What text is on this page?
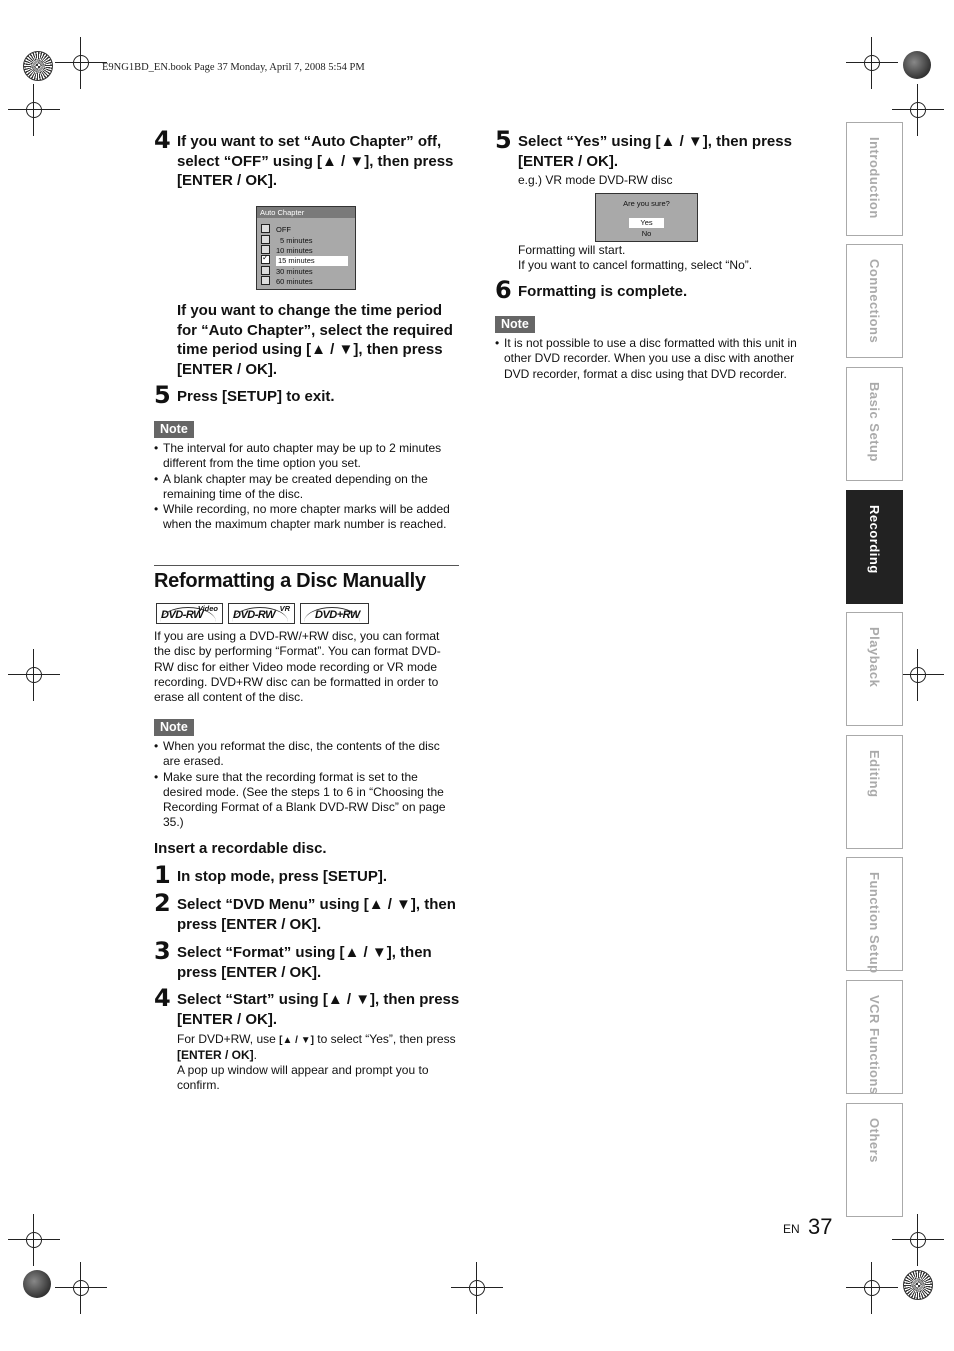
E9NG1BD_EN.book Page 37 Monday, April 7, 2008 5:54 PM
4 If you want to set “Auto Chapter” off, select “OFF” using [▲ / ▼], then press [ENTER / OK].
Auto Chapter
OFF
5 minutes
10 minutes
✓ 15 minutes
30 minutes
60 minutes
If you want to change the time period for “Auto Chapter”, select the required time period using [▲ / ▼], then press [ENTER / OK].
5 Press [SETUP] to exit.
Note
• The interval for auto chapter may be up to 2 minutes different from the time option you set.
• A blank chapter may be created depending on the remaining time of the disc.
• While recording, no more chapter marks will be added when the maximum chapter mark number is reached.
Reformatting a Disc Manually
Video
DVD-RW
VR
DVD-RW	DVD+RW
If you are using a DVD-RW/+RW disc, you can format the disc by performing “Format”. You can format DVD-RW disc for either Video mode recording or VR mode recording. DVD+RW disc can be formatted in order to erase all content of the disc.
Note
• When you reformat the disc, the contents of the disc are erased.
• Make sure that the recording format is set to the desired mode. (See the steps 1 to 6 in “Choosing the Recording Format of a Blank DVD-RW Disc” on page 35.)
Insert a recordable disc.
1 In stop mode, press [SETUP].
2 Select “DVD Menu” using [▲ / ▼], then press [ENTER / OK].
3 Select “Format” using [▲ / ▼], then press [ENTER / OK].
4 Select “Start” using [▲ / ▼], then press [ENTER / OK].
For DVD+RW, use [▲ / ▼] to select “Yes”, then press [ENTER / OK].
A pop up window will appear and prompt you to confirm.
5 Select “Yes” using [▲ / ▼], then press [ENTER / OK].
e.g.) VR mode DVD-RW disc
Are you sure?
Yes
No
Formatting will start.
If you want to cancel formatting, select “No”.
6 Formatting is complete.
Note
• It is not possible to use a disc formatted with this unit in other DVD recorder. When you use a disc with another DVD recorder, format a disc using that DVD recorder.
Introduction
Connections
Basic Setup
Recording
Playback
Editing
Function Setup
VCR Functions
Others
EN 37
